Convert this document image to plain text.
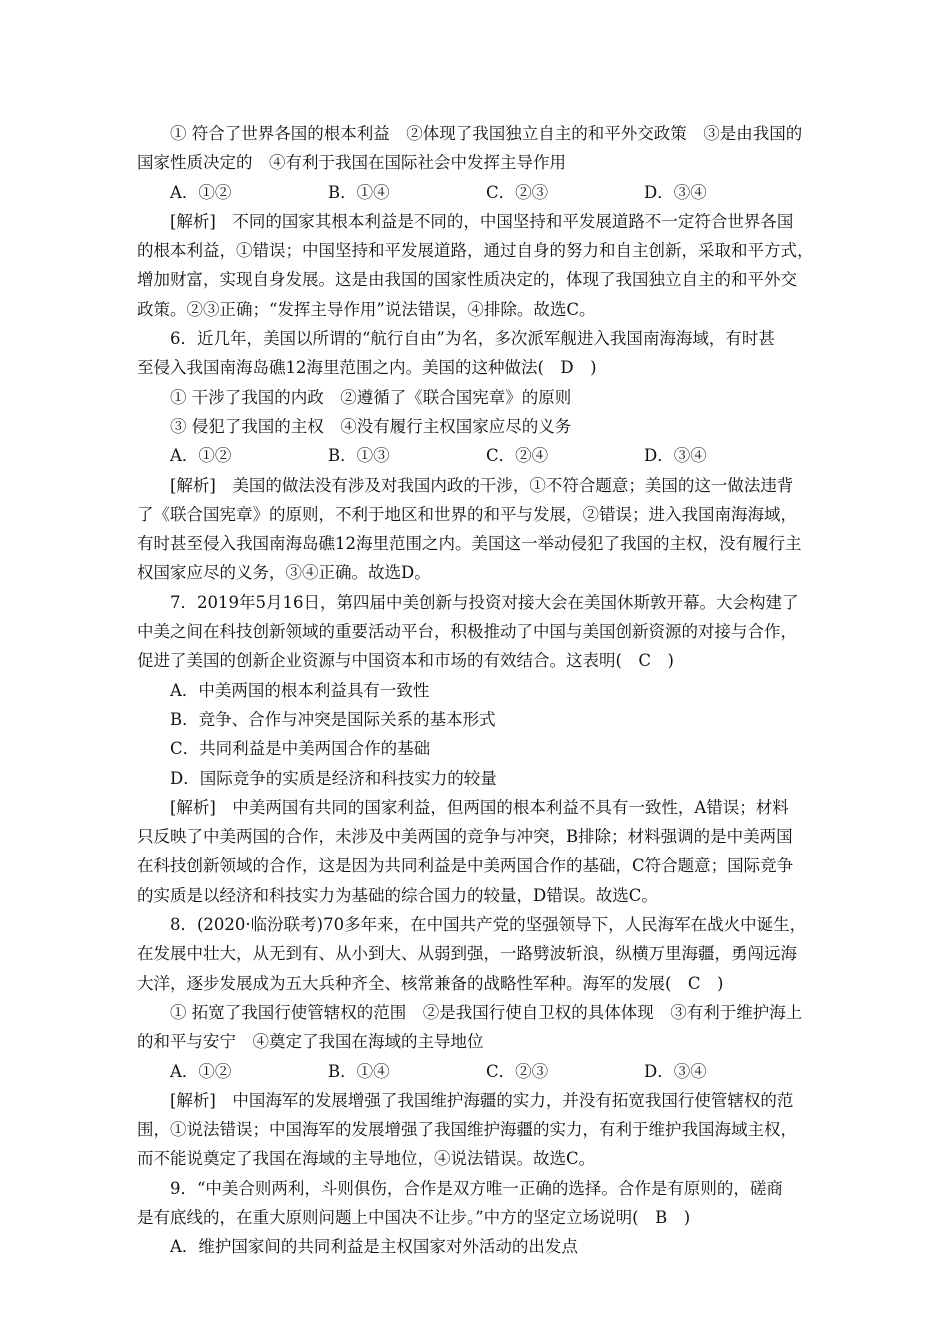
① 符合了世界各国的根本利益　②体现了我国独立自主的和平外交政策　③是由我国的
国家性质决定的　④有利于我国在国际社会中发挥主导作用
A．①②	B．①④	C．②③	D．③④
[解析]　不同的国家其根本利益是不同的，中国坚持和平发展道路不一定符合世界各国
的根本利益，①错误；中国坚持和平发展道路，通过自身的努力和自主创新，采取和平方式，
增加财富，实现自身发展。这是由我国的国家性质决定的，体现了我国独立自主的和平外交
政策。②③正确；“发挥主导作用”说法错误，④排除。故选C。
6．近几年，美国以所谓的“航行自由”为名，多次派军舰进入我国南海海域，有时甚
至侵入我国南海岛礁12海里范围之内。美国的这种做法(　D　)
① 干涉了我国的内政　②遵循了《联合国宪章》的原则
③ 侵犯了我国的主权　④没有履行主权国家应尽的义务
A．①②	B．①③	C．②④	D．③④
[解析]　美国的做法没有涉及对我国内政的干涉，①不符合题意；美国的这一做法违背
了《联合国宪章》的原则，不利于地区和世界的和平与发展，②错误；进入我国南海海域，
有时甚至侵入我国南海岛礁12海里范围之内。美国这一举动侵犯了我国的主权，没有履行主
权国家应尽的义务，③④正确。故选D。
7．2019年5月16日，第四届中美创新与投资对接大会在美国休斯敦开幕。大会构建了
中美之间在科技创新领域的重要活动平台，积极推动了中国与美国创新资源的对接与合作，
促进了美国的创新企业资源与中国资本和市场的有效结合。这表明(　C　)
A．中美两国的根本利益具有一致性
B．竞争、合作与冲突是国际关系的基本形式
C．共同利益是中美两国合作的基础
D．国际竞争的实质是经济和科技实力的较量
[解析]　中美两国有共同的国家利益，但两国的根本利益不具有一致性，A错误；材料
只反映了中美两国的合作，未涉及中美两国的竞争与冲突，B排除；材料强调的是中美两国
在科技创新领域的合作，这是因为共同利益是中美两国合作的基础，C符合题意；国际竞争
的实质是以经济和科技实力为基础的综合国力的较量，D错误。故选C。
8．(2020·临汾联考)70多年来，在中国共产党的坚强领导下，人民海军在战火中诞生，
在发展中壮大，从无到有、从小到大、从弱到强，一路劈波斩浪，纵横万里海疆，勇闯远海
大洋，逐步发展成为五大兵种齐全、核常兼备的战略性军种。海军的发展(　C　)
① 拓宽了我国行使管辖权的范围　②是我国行使自卫权的具体体现　③有利于维护海上
的和平与安宁　④奠定了我国在海域的主导地位
A．①②	B．①④	C．②③	D．③④
[解析]　中国海军的发展增强了我国维护海疆的实力，并没有拓宽我国行使管辖权的范
围，①说法错误；中国海军的发展增强了我国维护海疆的实力，有利于维护我国海域主权，
而不能说奠定了我国在海域的主导地位，④说法错误。故选C。
9．“中美合则两利，斗则俱伤，合作是双方唯一正确的选择。合作是有原则的，磋商
是有底线的，在重大原则问题上中国决不让步。”中方的坚定立场说明(　B　)
A．维护国家间的共同利益是主权国家对外活动的出发点
